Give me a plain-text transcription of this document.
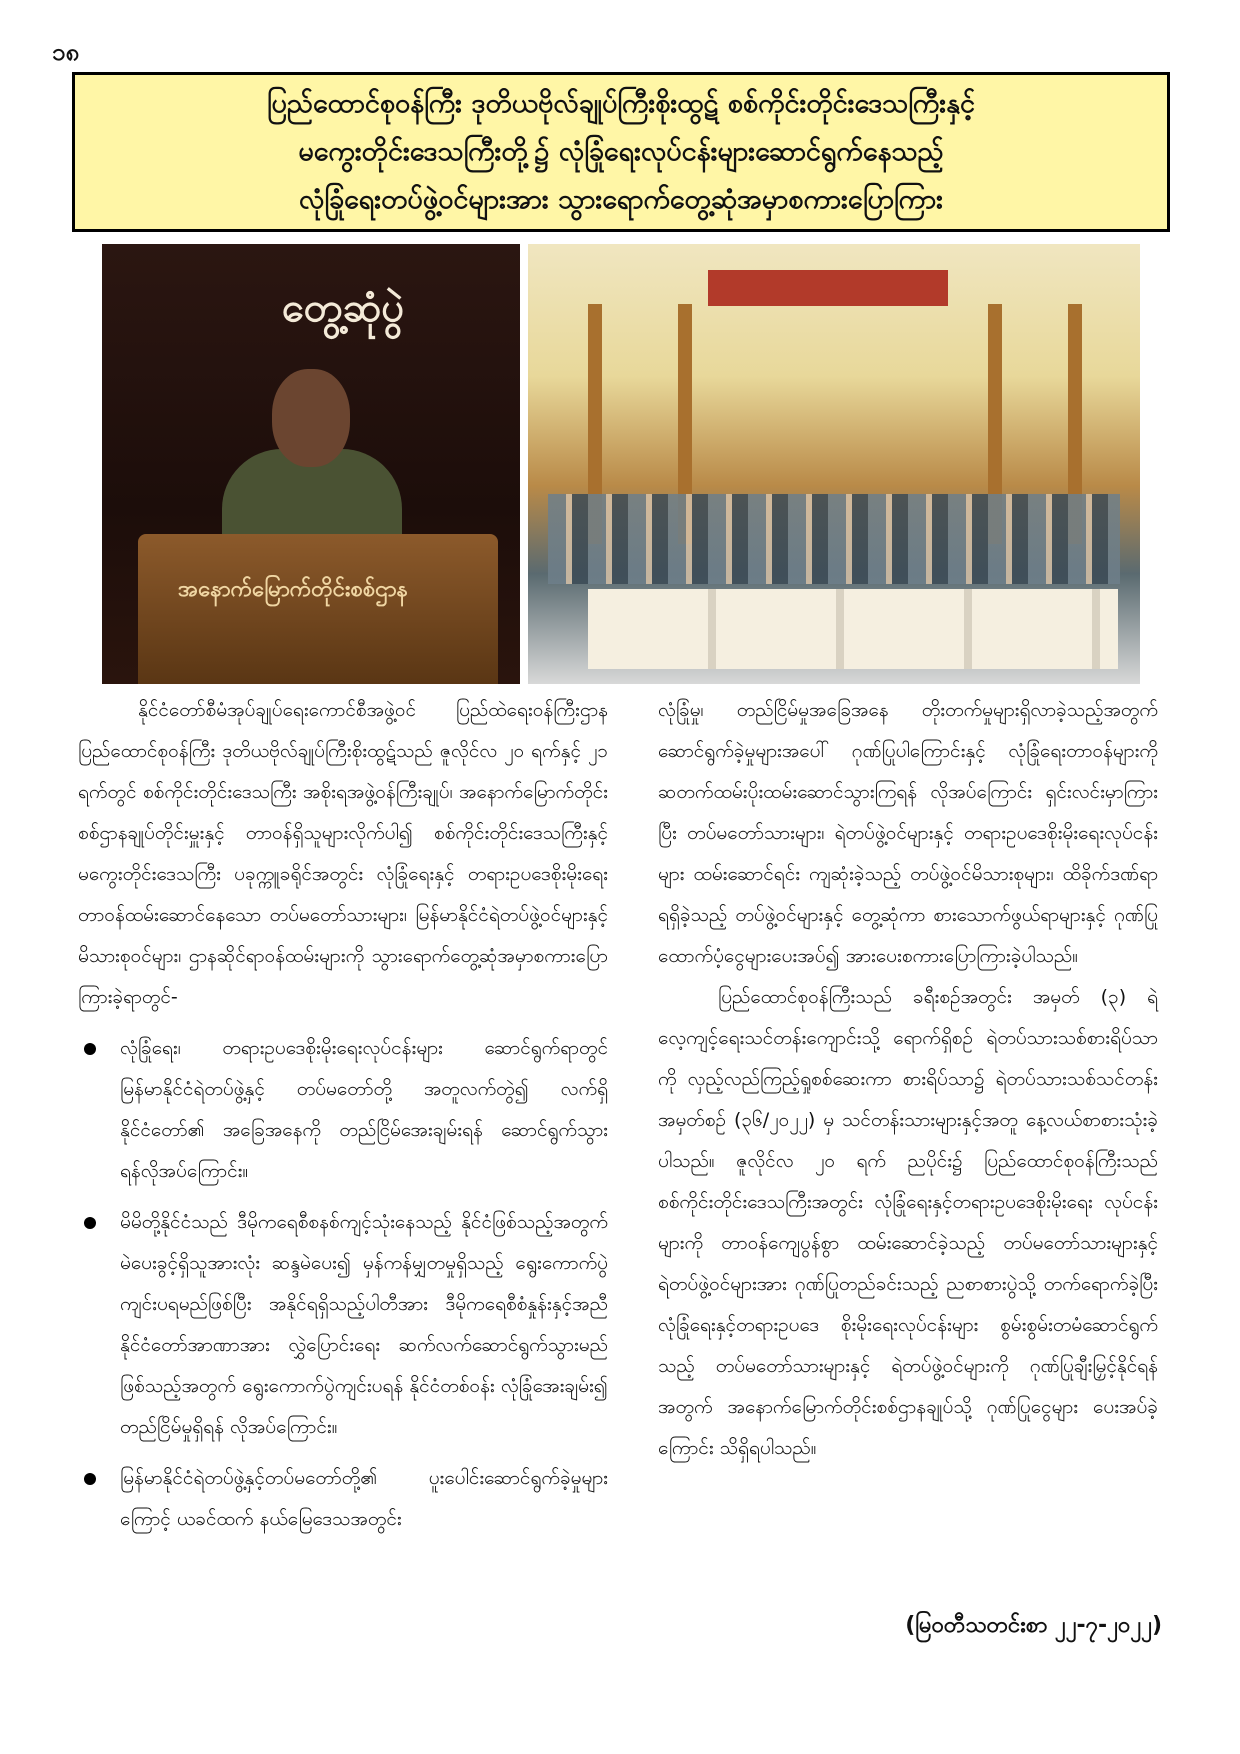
၁၈
ပြည်ထောင်စုဝန်ကြီး ဒုတိယဗိုလ်ချုပ်ကြီးစိုးထွဋ် စစ်ကိုင်းတိုင်းဒေသကြီးနှင့်
မကွေးတိုင်းဒေသကြီးတို့၌ လုံခြုံရေးလုပ်ငန်းများဆောင်ရွက်နေသည့်
လုံခြုံရေးတပ်ဖွဲ့ဝင်များအား သွားရောက်တွေ့ဆုံအမှာစကားပြောကြား
တွေ့ဆုံပွဲ
အနောက်မြောက်တိုင်းစစ်ဌာန

နိုင်ငံတော်စီမံအုပ်ချုပ်ရေးကောင်စီအဖွဲ့ဝင် ပြည်ထဲရေးဝန်ကြီးဌာန ပြည်ထောင်စုဝန်ကြီး ဒုတိယဗိုလ်ချုပ်ကြီးစိုးထွဋ်သည် ဇူလိုင်လ ၂၀ ရက်နှင့် ၂၁ ရက်တွင် စစ်ကိုင်းတိုင်းဒေသကြီး အစိုးရအဖွဲ့ဝန်ကြီးချုပ်၊ အနောက်မြောက်တိုင်းစစ်ဌာနချုပ်တိုင်းမှူးနှင့် တာဝန်ရှိသူများလိုက်ပါ၍ စစ်ကိုင်းတိုင်းဒေသကြီးနှင့် မကွေးတိုင်းဒေသကြီး ပခုက္ကူခရိုင်အတွင်း လုံခြုံရေးနှင့် တရားဥပဒေစိုးမိုးရေးတာဝန်ထမ်းဆောင်နေသော တပ်မတော်သားများ၊ မြန်မာနိုင်ငံရဲတပ်ဖွဲ့ဝင်များနှင့် မိသားစုဝင်များ၊ ဌာနဆိုင်ရာဝန်ထမ်းများကို သွားရောက်တွေ့ဆုံအမှာစကားပြောကြားခဲ့ရာတွင်-

လုံခြုံရေး၊ တရားဥပဒေစိုးမိုးရေးလုပ်ငန်းများ ဆောင်ရွက်ရာတွင် မြန်မာနိုင်ငံရဲတပ်ဖွဲ့နှင့် တပ်မတော်တို့ အတူလက်တွဲ၍ လက်ရှိနိုင်ငံတော်၏ အခြေအနေကို တည်ငြိမ်အေးချမ်းရန် ဆောင်ရွက်သွားရန်လိုအပ်ကြောင်း။

မိမိတို့နိုင်ငံသည် ဒီမိုကရေစီစနစ်ကျင့်သုံးနေသည့် နိုင်ငံဖြစ်သည့်အတွက် မဲပေးခွင့်ရှိသူအားလုံး ဆန္ဒမဲပေး၍ မှန်ကန်မျှတမှုရှိသည့် ရွေးကောက်ပွဲကျင်းပရမည်ဖြစ်ပြီး အနိုင်ရရှိသည့်ပါတီအား ဒီမိုကရေစီစံနှုန်းနှင့်အညီ နိုင်ငံတော်အာဏာအား လွှဲပြောင်းရေး ဆက်လက်ဆောင်ရွက်သွားမည် ဖြစ်သည့်အတွက် ရွေးကောက်ပွဲကျင်းပရန် နိုင်ငံတစ်ဝန်း လုံခြုံအေးချမ်း၍ တည်ငြိမ်မှုရှိရန် လိုအပ်ကြောင်း။

မြန်မာနိုင်ငံရဲတပ်ဖွဲ့နှင့်တပ်မတော်တို့၏ ပူးပေါင်းဆောင်ရွက်ခဲ့မှုများကြောင့် ယခင်ထက် နယ်မြေဒေသအတွင်း

လုံခြုံမှု၊ တည်ငြိမ်မှုအခြေအနေ တိုးတက်မှုများရှိလာခဲ့သည့်အတွက် ဆောင်ရွက်ခဲ့မှုများအပေါ် ဂုဏ်ပြုပါကြောင်းနှင့် လုံခြုံရေးတာဝန်များကို ဆတက်ထမ်းပိုးထမ်းဆောင်သွားကြရန် လိုအပ်ကြောင်း ရှင်းလင်းမှာကြားပြီး တပ်မတော်သားများ၊ ရဲတပ်ဖွဲ့ဝင်များနှင့် တရားဥပဒေစိုးမိုးရေးလုပ်ငန်းများ ထမ်းဆောင်ရင်း ကျဆုံးခဲ့သည့် တပ်ဖွဲ့ဝင်မိသားစုများ၊ ထိခိုက်ဒဏ်ရာရရှိခဲ့သည့် တပ်ဖွဲ့ဝင်များနှင့် တွေ့ဆုံကာ စားသောက်ဖွယ်ရာများနှင့် ဂုဏ်ပြုထောက်ပံ့ငွေများပေးအပ်၍ အားပေးစကားပြောကြားခဲ့ပါသည်။

ပြည်ထောင်စုဝန်ကြီးသည် ခရီးစဉ်အတွင်း အမှတ် (၃) ရဲလေ့ကျင့်ရေးသင်တန်းကျောင်းသို့ ရောက်ရှိစဉ် ရဲတပ်သားသစ်စားရိပ်သာကို လှည့်လည်ကြည့်ရှုစစ်ဆေးကာ စားရိပ်သာ၌ ရဲတပ်သားသစ်သင်တန်း အမှတ်စဉ် (၃၆/၂၀၂၂) မှ သင်တန်းသားများနှင့်အတူ နေ့လယ်စာစားသုံးခဲ့ပါသည်။ ဇူလိုင်လ ၂၀ ရက် ညပိုင်း၌ ပြည်ထောင်စုဝန်ကြီးသည် စစ်ကိုင်းတိုင်းဒေသကြီးအတွင်း လုံခြုံရေးနှင့်တရားဥပဒေစိုးမိုးရေး လုပ်ငန်းများကို တာဝန်ကျေပွန်စွာ ထမ်းဆောင်ခဲ့သည့် တပ်မတော်သားများနှင့် ရဲတပ်ဖွဲ့ဝင်များအား ဂုဏ်ပြုတည်ခင်းသည့် ညစာစားပွဲသို့ တက်ရောက်ခဲ့ပြီး လုံခြုံရေးနှင့်တရားဥပဒေ စိုးမိုးရေးလုပ်ငန်းများ စွမ်းစွမ်းတမံဆောင်ရွက်သည့် တပ်မတော်သားများနှင့် ရဲတပ်ဖွဲ့ဝင်များကို ဂုဏ်ပြုချီးမြှင့်နိုင်ရန်အတွက် အနောက်မြောက်တိုင်းစစ်ဌာနချုပ်သို့ ဂုဏ်ပြုငွေများ ပေးအပ်ခဲ့ကြောင်း သိရှိရပါသည်။

(မြဝတီသတင်းစာ ၂၂-၇-၂၀၂၂)
